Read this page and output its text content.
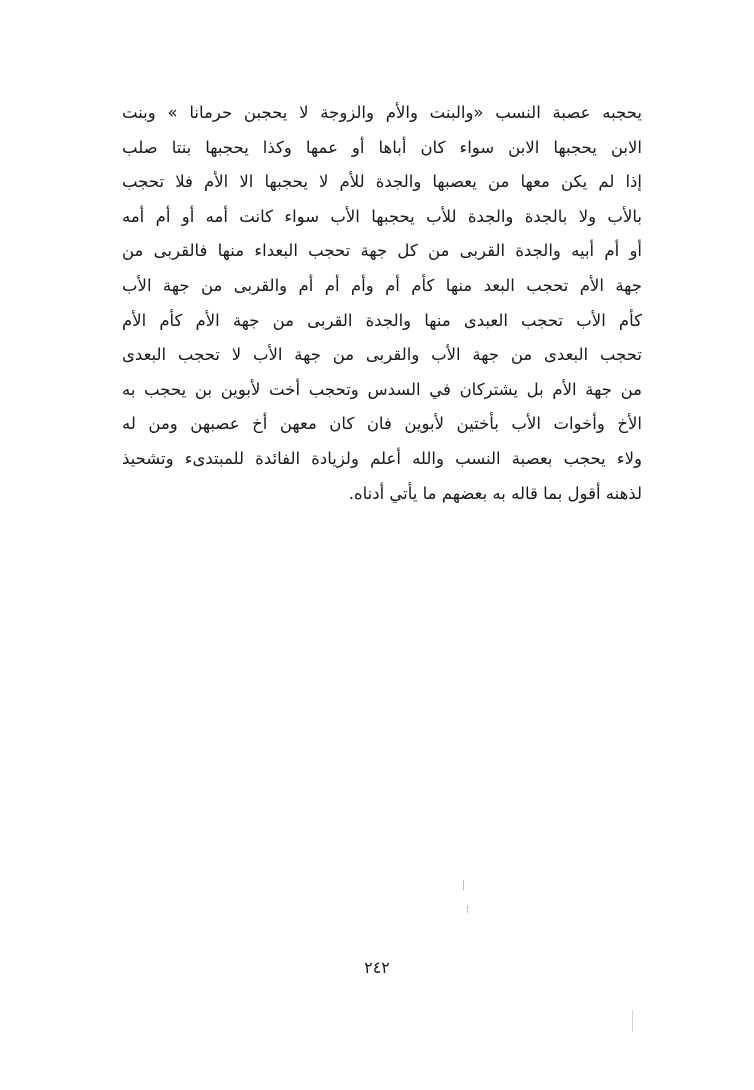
يحجبه عصبة النسب «والبنت والأم والزوجة لا يحجبن حرمانا » وبنت
الابن يحجبها الابن سواء كان أباها أو عمها وكذا يحجبها بنتا صلب
إذا لم يكن معها من يعصبها والجدة للأم لا يحجبها الا الأم فلا تحجب
بالأب ولا بالجدة والجدة للأب يحجبها الأب سواء كانت أمه أو أم أمه
أو أم أبيه والجدة القربى من كل جهة تحجب البعداء منها فالقربى من
جهة الأم تحجب البعد منها كأم أم وأم أم أم والقربى من جهة الأب
كأم الأب تحجب العبدى منها والجدة القربى من جهة الأم كأم الأم
تحجب البعدى من جهة الأب والقربى من جهة الأب لا تحجب البعدى
من جهة الأم بل يشتركان في السدس وتحجب أخت لأبوين بن يحجب به
الأخ وأخوات الأب بأختين لأبوين فان كان معهن أخ عصبهن ومن له
ولاء يحجب بعصبة النسب والله أعلم ولزيادة الفائدة للمبتدىء وتشحيذ
لذهنه أقول بما قاله به بعضهم ما يأتي أدناه.
٢٤٢
